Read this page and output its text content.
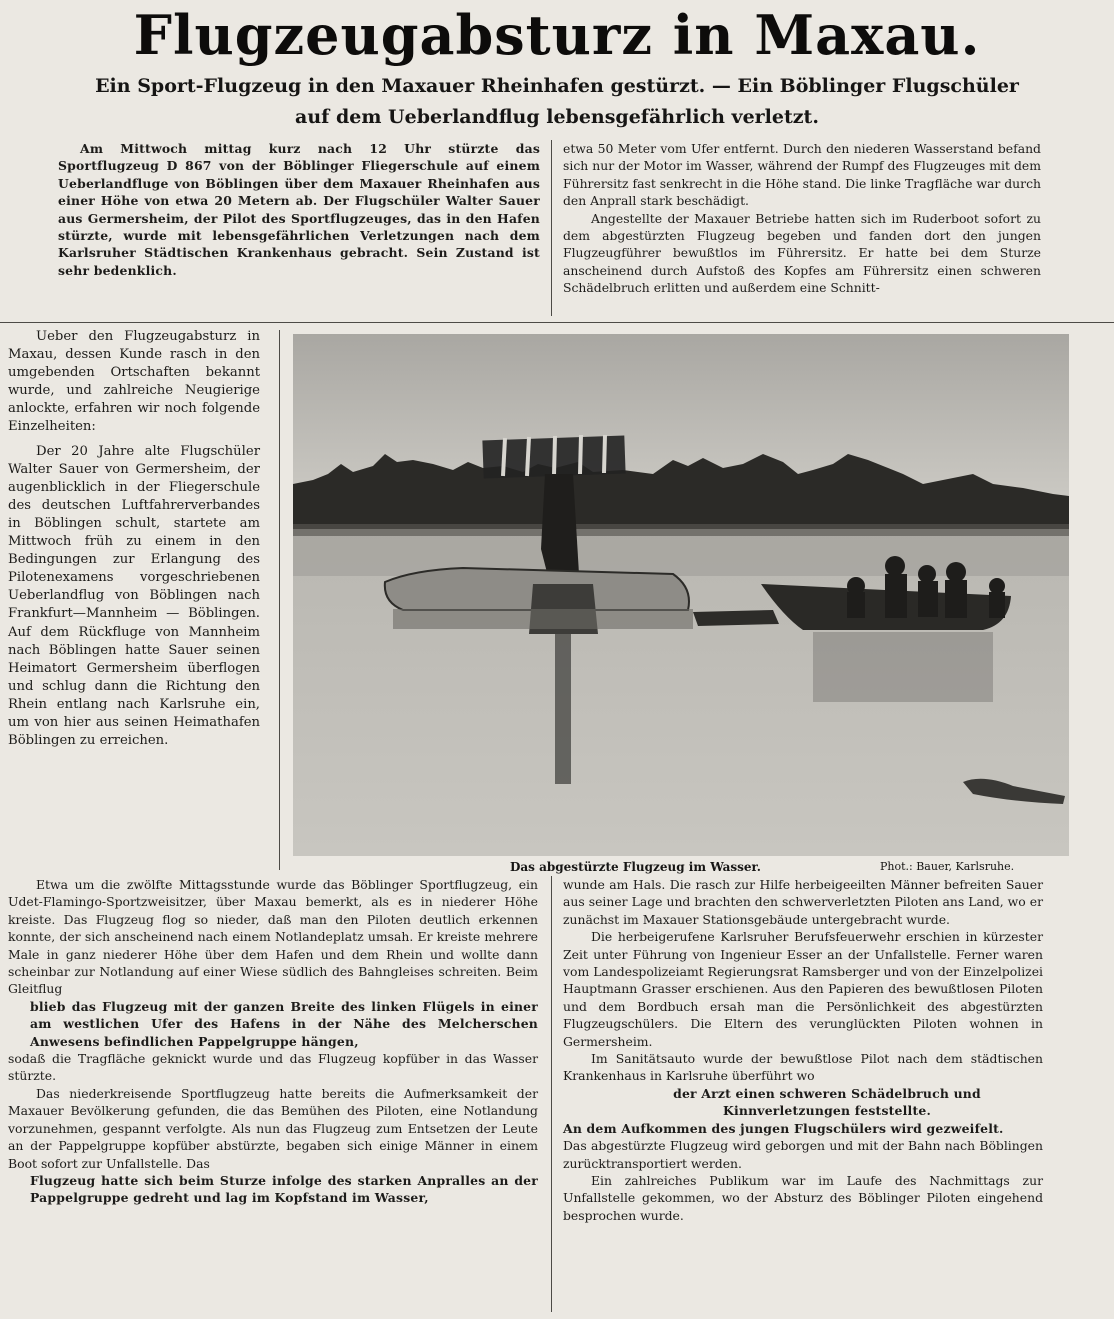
Flugzeugabsturz in Maxau.
Ein Sport-Flugzeug in den Maxauer Rheinhafen gestürzt. — Ein Böblinger Flugschüler
auf dem Ueberlandflug lebensgefährlich verletzt.

Am Mittwoch mittag kurz nach 12 Uhr stürzte das Sportflugzeug D 867 von der Böblinger Fliegerschule auf einem Ueberlandfluge von Böblingen über dem Maxauer Rheinhafen aus einer Höhe von etwa 20 Metern ab. Der Flugschüler Walter Sauer aus Germersheim, der Pilot des Sportflugzeuges, das in den Hafen stürzte, wurde mit lebensgefährlichen Verletzungen nach dem Karlsruher Städtischen Krankenhaus gebracht. Sein Zustand ist sehr bedenklich.

etwa 50 Meter vom Ufer entfernt. Durch den niederen Wasserstand befand sich nur der Motor im Wasser, während der Rumpf des Flugzeuges mit dem Führersitz fast senkrecht in die Höhe stand. Die linke Tragfläche war durch den Anprall stark beschädigt.

Angestellte der Maxauer Betriebe hatten sich im Ruderboot sofort zu dem abgestürzten Flugzeug begeben und fanden dort den jungen Flugzeugführer bewußtlos im Führersitz. Er hatte bei dem Sturze anscheinend durch Aufstoß des Kopfes am Führersitz einen schweren Schädelbruch erlitten und außerdem eine Schnitt-

Ueber den Flugzeugabsturz in Maxau, dessen Kunde rasch in den umgebenden Ortschaften bekannt wurde, und zahlreiche Neugierige anlockte, erfahren wir noch folgende Einzelheiten:

Der 20 Jahre alte Flugschüler Walter Sauer von Germersheim, der augenblicklich in der Fliegerschule des deutschen Luftfahrerverbandes in Böblingen schult, startete am Mittwoch früh zu einem in den Bedingungen zur Erlangung des Pilotenexamens vorgeschriebenen Ueberlandflug von Böblingen nach Frankfurt—Mannheim — Böblingen. Auf dem Rückfluge von Mannheim nach Böblingen hatte Sauer seinen Heimatort Germersheim überflogen und schlug dann die Richtung den Rhein entlang nach Karlsruhe ein, um von hier aus seinen Heimathafen Böblingen zu erreichen.

Das abgestürzte Flugzeug im Wasser.	Phot.: Bauer, Karlsruhe.

Etwa um die zwölfte Mittagsstunde wurde das Böblinger Sportflugzeug, ein Udet-Flamingo-Sportzweisitzer, über Maxau bemerkt, als es in niederer Höhe kreiste. Das Flugzeug flog so nieder, daß man den Piloten deutlich erkennen konnte, der sich anscheinend nach einem Notlandeplatz umsah. Er kreiste mehrere Male in ganz niederer Höhe über dem Hafen und dem Rhein und wollte dann scheinbar zur Notlandung auf einer Wiese südlich des Bahngleises schreiten. Beim Gleitflug

blieb das Flugzeug mit der ganzen Breite des linken Flügels in einer am westlichen Ufer des Hafens in der Nähe des Melcherschen Anwesens befindlichen Pappelgruppe hängen,

sodaß die Tragfläche geknickt wurde und das Flugzeug kopfüber in das Wasser stürzte.

Das niederkreisende Sportflugzeug hatte bereits die Aufmerksamkeit der Maxauer Bevölkerung gefunden, die das Bemühen des Piloten, eine Notlandung vorzunehmen, gespannt verfolgte. Als nun das Flugzeug zum Entsetzen der Leute an der Pappelgruppe kopfüber abstürzte, begaben sich einige Männer in einem Boot sofort zur Unfallstelle. Das

Flugzeug hatte sich beim Sturze infolge des starken Anpralles an der Pappelgruppe gedreht und lag im Kopfstand im Wasser,

wunde am Hals. Die rasch zur Hilfe herbeigeeilten Männer befreiten Sauer aus seiner Lage und brachten den schwerverletzten Piloten ans Land, wo er zunächst im Maxauer Stationsgebäude untergebracht wurde.

Die herbeigerufene Karlsruher Berufsfeuerwehr erschien in kürzester Zeit unter Führung von Ingenieur Esser an der Unfallstelle. Ferner waren vom Landespolizeiamt Regierungsrat Ramsberger und von der Einzelpolizei Hauptmann Grasser erschienen. Aus den Papieren des bewußtlosen Piloten und dem Bordbuch ersah man die Persönlichkeit des abgestürzten Flugzeugschülers. Die Eltern des verunglückten Piloten wohnen in Germersheim.

Im Sanitätsauto wurde der bewußtlose Pilot nach dem städtischen Krankenhaus in Karlsruhe überführt wo

der Arzt einen schweren Schädelbruch und Kinnverletzungen feststellte.

An dem Aufkommen des jungen Flugschülers wird gezweifelt.

Das abgestürzte Flugzeug wird geborgen und mit der Bahn nach Böblingen zurücktransportiert werden.

Ein zahlreiches Publikum war im Laufe des Nachmittags zur Unfallstelle gekommen, wo der Absturz des Böblinger Piloten eingehend besprochen wurde.
